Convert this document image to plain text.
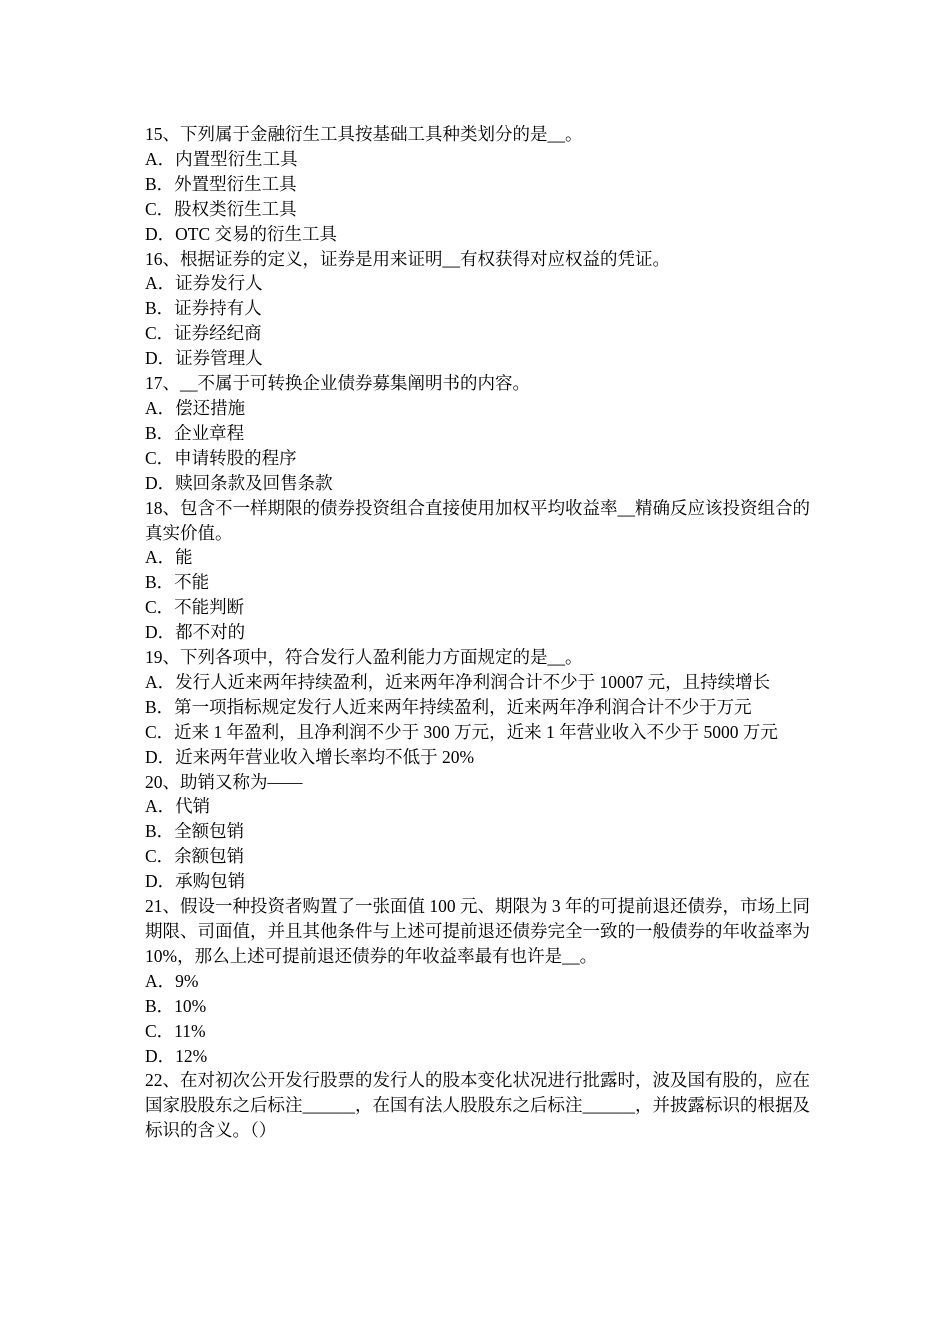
15、下列属于金融衍生工具按基础工具种类划分的是__。

A．内置型衍生工具

B．外置型衍生工具

C．股权类衍生工具

D．OTC 交易的衍生工具

16、根据证券的定义，证券是用来证明__有权获得对应权益的凭证。

A．证券发行人

B．证券持有人

C．证券经纪商

D．证券管理人

17、__不属于可转换企业债券募集阐明书的内容。

A．偿还措施

B．企业章程

C．申请转股的程序

D．赎回条款及回售条款

18、包含不一样期限的债券投资组合直接使用加权平均收益率__精确反应该投资组合的真实价值。

A．能

B．不能

C．不能判断

D．都不对的

19、下列各项中，符合发行人盈利能力方面规定的是__。

A．发行人近来两年持续盈利，近来两年净利润合计不少于 10007 元，且持续增长

B．第一项指标规定发行人近来两年持续盈利，近来两年净利润合计不少于万元

C．近来 1 年盈利，且净利润不少于 300 万元，近来 1 年营业收入不少于 5000 万元

D．近来两年营业收入增长率均不低于 20%

20、助销又称为——

A．代销

B．全额包销

C．余额包销

D．承购包销

21、假设一种投资者购置了一张面值 100 元、期限为 3 年的可提前退还债券，市场上同期限、司面值，并且其他条件与上述可提前退还债券完全一致的一般债券的年收益率为 10%，那么上述可提前退还债券的年收益率最有也许是__。

A．9%

B．10%

C．11%

D．12%

22、在对初次公开发行股票的发行人的股本变化状况进行批露时，波及国有股的，应在国家股股东之后标注______，在国有法人股股东之后标注______，并披露标识的根据及标识的含义。（）
